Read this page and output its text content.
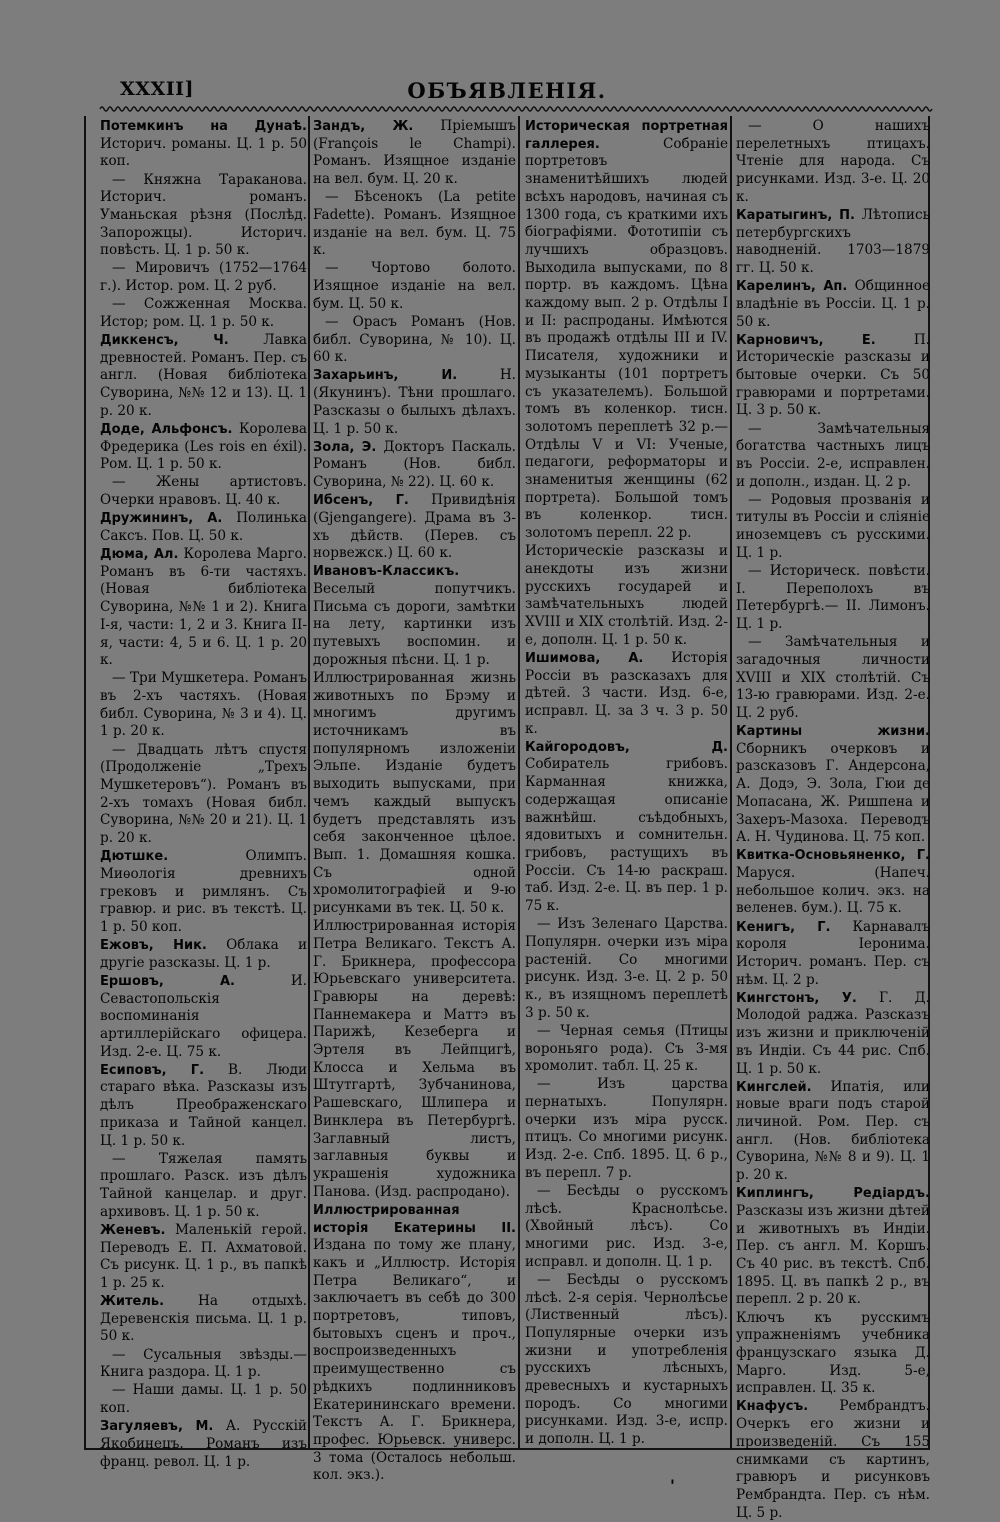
XXXII]	ОБЪЯВЛЕНІЯ.

Потемкинъ на Дунаѣ. Историч. романы. Ц. 1 р. 50 коп.

— Княжна Тараканова. Историч. романъ. Уманьская рѣзня (Послѣд. Запорожцы). Историч. повѣсть. Ц. 1 р. 50 к.

— Мировичъ (1752—1764 г.). Истор. ром. Ц. 2 руб.

— Сожженная Москва. Истор; ром. Ц. 1 р. 50 к.

Диккенсъ, Ч. Лавка древностей. Романъ. Пер. съ англ. (Новая библіотека Суворина, №№ 12 и 13). Ц. 1 р. 20 к.

Доде, Альфонсъ. Королева Фредерика (Les rois en éxil). Ром. Ц. 1 р. 50 к.

— Жены артистовъ. Очерки нравовъ. Ц. 40 к.

Дружининъ, А. Полинька Саксъ. Пов. Ц. 50 к.

Дюма, Ал. Королева Марго. Романъ въ 6-ти частяхъ. (Новая библіотека Суворина, №№ 1 и 2). Книга I-я, части: 1, 2 и 3. Книга II-я, части: 4, 5 и 6. Ц. 1 р. 20 к.

— Три Мушкетера. Романъ въ 2-хъ частяхъ. (Новая библ. Суворина, № 3 и 4). Ц. 1 р. 20 к.

— Двадцать лѣтъ спустя (Продолженіе „Трехъ Мушкетеровъ“). Романъ въ 2-хъ томахъ (Новая библ. Суворина, №№ 20 и 21). Ц. 1 р. 20 к.

Дютшке. Олимпъ. Миѳологія древнихъ грековъ и римлянъ. Съ гравюр. и рис. въ текстѣ. Ц. 1 р. 50 коп.

Ежовъ, Ник. Облака и другіе разсказы. Ц. 1 р.

Ершовъ, А. И. Севастопольскія воспоминанія артиллерійскаго офицера. Изд. 2-е. Ц. 75 к.

Есиповъ, Г. В. Люди стараго вѣка. Разсказы изъ дѣлъ Преображенскаго приказа и Тайной канцел. Ц. 1 р. 50 к.

— Тяжелая память прошлаго. Разск. изъ дѣлъ Тайной канцелар. и друг. архивовъ. Ц. 1 р. 50 к.

Женевъ. Маленькій герой. Переводъ Е. П. Ахматовой. Съ рисунк. Ц. 1 р., въ папкѣ 1 р. 25 к.

Житель. На отдыхѣ. Деревенскія письма. Ц. 1 р. 50 к.

— Сусальныя звѣзды.— Книга раздора. Ц. 1 р.

— Наши дамы. Ц. 1 р. 50 коп.

Загуляевъ, М. А. Русскій Якобинецъ. Романъ изъ франц. револ. Ц. 1 р.

Зандъ, Ж. Пріемышъ (François le Champi). Романъ. Изящное изданіе на вел. бум. Ц. 20 к.

— Бѣсенокъ (La petite Fadette). Романъ. Изящное изданіе на вел. бум. Ц. 75 к.

— Чортово болото. Изящное изданіе на вел. бум. Ц. 50 к.

— Орасъ Романъ (Нов. библ. Суворина, № 10). Ц. 60 к.

Захарьинъ, И. Н. (Якунинъ). Тѣни прошлаго. Разсказы о былыхъ дѣлахъ. Ц. 1 р. 50 к.

Зола, Э. Докторъ Паскаль. Романъ (Нов. библ. Суворина, № 22). Ц. 60 к.

Ибсенъ, Г. Привидѣнія (Gjengangere). Драма въ 3-хъ дѣйств. (Перев. съ норвежск.) Ц. 60 к.

Ивановъ-Классикъ. Веселый попутчикъ. Письма съ дороги, замѣтки на лету, картинки изъ путевыхъ воспомин. и дорожныя пѣсни. Ц. 1 р.

Иллюстрированная жизнь животныхъ по Брэму и многимъ другимъ источникамъ въ популярномъ изложеніи Эльпе. Изданіе будетъ выходить выпусками, при чемъ каждый выпускъ будетъ представлять изъ себя законченное цѣлое. Вып. 1. Домашняя кошка. Съ одной хромолитографіей и 9-ю рисунками въ тек. Ц. 50 к.

Иллюстрированная исторія Петра Великаго. Текстъ А. Г. Брикнера, профессора Юрьевскаго университета. Гравюры на деревѣ: Паннемакера и Маттэ въ Парижѣ, Кезеберга и Эртеля въ Лейпцигѣ, Клосса и Хельма въ Штутгартѣ, Зубчанинова, Рашевскаго, Шлипера и Винклера въ Петербургѣ. Заглавный листъ, заглавныя буквы и украшенія художника Панова. (Изд. распродано).

Иллюстрированная исторія Екатерины II. Издана по тому же плану, какъ и „Иллюстр. Исторія Петра Великаго“, и заключаетъ въ себѣ до 300 портретовъ, типовъ, бытовыхъ сценъ и проч., воспроизведенныхъ преимущественно съ рѣдкихъ подлинниковъ Екатерининскаго времени. Текстъ А. Г. Брикнера, профес. Юрьевск. универс. 3 тома (Осталось небольш. кол. экз.).

Историческая портретная галлерея. Собраніе портретовъ знаменитѣйшихъ людей всѣхъ народовъ, начиная съ 1300 года, съ краткими ихъ біографіями. Фототипіи съ лучшихъ образцовъ. Выходила выпусками, по 8 портр. въ каждомъ. Цѣна каждому вып. 2 р. Отдѣлы I и II: распроданы. Имѣются въ продажѣ отдѣлы III и IV. Писателя, художники и музыканты (101 портретъ съ указателемъ). Большой томъ въ коленкор. тисн. золотомъ переплетѣ 32 р.— Отдѣлы V и VI: Ученые, педагоги, реформаторы и знаменитыя женщины (62 портрета). Большой томъ въ коленкор. тисн. золотомъ перепл. 22 р.

Историческіе разсказы и анекдоты изъ жизни русскихъ государей и замѣчательныхъ людей XVIII и XIX столѣтій. Изд. 2-е, дополн. Ц. 1 р. 50 к.

Ишимова, А. Исторія Россіи въ разсказахъ для дѣтей. 3 части. Изд. 6-е, исправл. Ц. за 3 ч. 3 р. 50 к.

Кайгородовъ, Д. Собиратель грибовъ. Карманная книжка, содержащая описаніе важнѣйш. съѣдобныхъ, ядовитыхъ и сомнительн. грибовъ, растущихъ въ Россіи. Съ 14-ю раскраш. таб. Изд. 2-е. Ц. въ пер. 1 р. 75 к.

— Изъ Зеленаго Царства. Популярн. очерки изъ міра растеній. Со многими рисунк. Изд. 3-е. Ц. 2 р. 50 к., въ изящномъ переплетѣ 3 р. 50 к.

— Черная семья (Птицы вороньяго рода). Съ 3-мя хромолит. табл. Ц. 25 к.

— Изъ царства пернатыхъ. Популярн. очерки изъ міра русск. птицъ. Со многими рисунк. Изд. 2-е. Спб. 1895. Ц. 6 р., въ перепл. 7 р.

— Бесѣды о русскомъ лѣсѣ. Краснолѣсье. (Хвойный лѣсъ). Со многими рис. Изд. 3-е, исправл. и дополн. Ц. 1 р.

— Бесѣды о русскомъ лѣсѣ. 2-я серія. Чернолѣсье (Лиственный лѣсъ). Популярные очерки изъ жизни и употребленія русскихъ лѣсныхъ, древесныхъ и кустарныхъ породъ. Со многими рисунками. Изд. 3-е, испр. и дополн. Ц. 1 р.

— О нашихъ перелетныхъ птицахъ. Чтеніе для народа. Съ рисунками. Изд. 3-е. Ц. 20 к.

Каратыгинъ, П. Лѣтопись петербургскихъ наводненій. 1703—1879 гг. Ц. 50 к.

Карелинъ, Ап. Общинное владѣніе въ Россіи. Ц. 1 р. 50 к.

Карновичъ, Е. П. Историческіе разсказы и бытовые очерки. Съ 50 гравюрами и портретами. Ц. 3 р. 50 к.

— Замѣчательныя богатства частныхъ лицъ въ Россіи. 2-е, исправлен. и дополн., издан. Ц. 2 р.

— Родовыя прозванія и титулы въ Россіи и сліяніе иноземцевъ съ русскими. Ц. 1 р.

— Историческ. повѣсти. I. Переполохъ въ Петербургѣ.— II. Лимонъ. Ц. 1 р.

— Замѣчательныя и загадочныя личности XVIII и XIX столѣтій. Съ 13-ю гравюрами. Изд. 2-е. Ц. 2 руб.

Картины жизни. Сборникъ очерковъ и разсказовъ Г. Андерсона, А. Додэ, Э. Зола, Гюи де Мопасана, Ж. Ришпена и Захеръ-Мазоха. Переводъ А. Н. Чудинова. Ц. 75 коп.

Квитка-Основьяненко, Г. Маруся. (Напеч. небольшое колич. экз. на веленев. бум.). Ц. 75 к.

Кенигъ, Г. Карнавалъ короля Іеронима. Историч. романъ. Пер. съ нѣм. Ц. 2 р.

Кингстонъ, У. Г. Д. Молодой раджа. Разсказъ изъ жизни и приключеній въ Индіи. Съ 44 рис. Спб. Ц. 1 р. 50 к.

Кингслей. Ипатія, или новые враги подъ старой личиной. Ром. Пер. съ англ. (Нов. библіотека Суворина, №№ 8 и 9). Ц. 1 р. 20 к.

Киплингъ, Редіардъ. Разсказы изъ жизни дѣтей и животныхъ въ Индіи. Пер. съ англ. М. Коршъ. Съ 40 рис. въ текстѣ. Спб. 1895. Ц. въ папкѣ 2 р., въ перепл. 2 р. 20 к.

Ключъ къ русскимъ упражненіямъ учебника французскаго языка Д. Марго. Изд. 5-е, исправлен. Ц. 35 к.

Кнафусъ. Рембрандтъ. Очеркъ его жизни и произведеній. Съ 155 снимками съ картинъ, гравюръ и рисунковъ Рембрандта. Пер. съ нѣм. Ц. 5 р.

'
